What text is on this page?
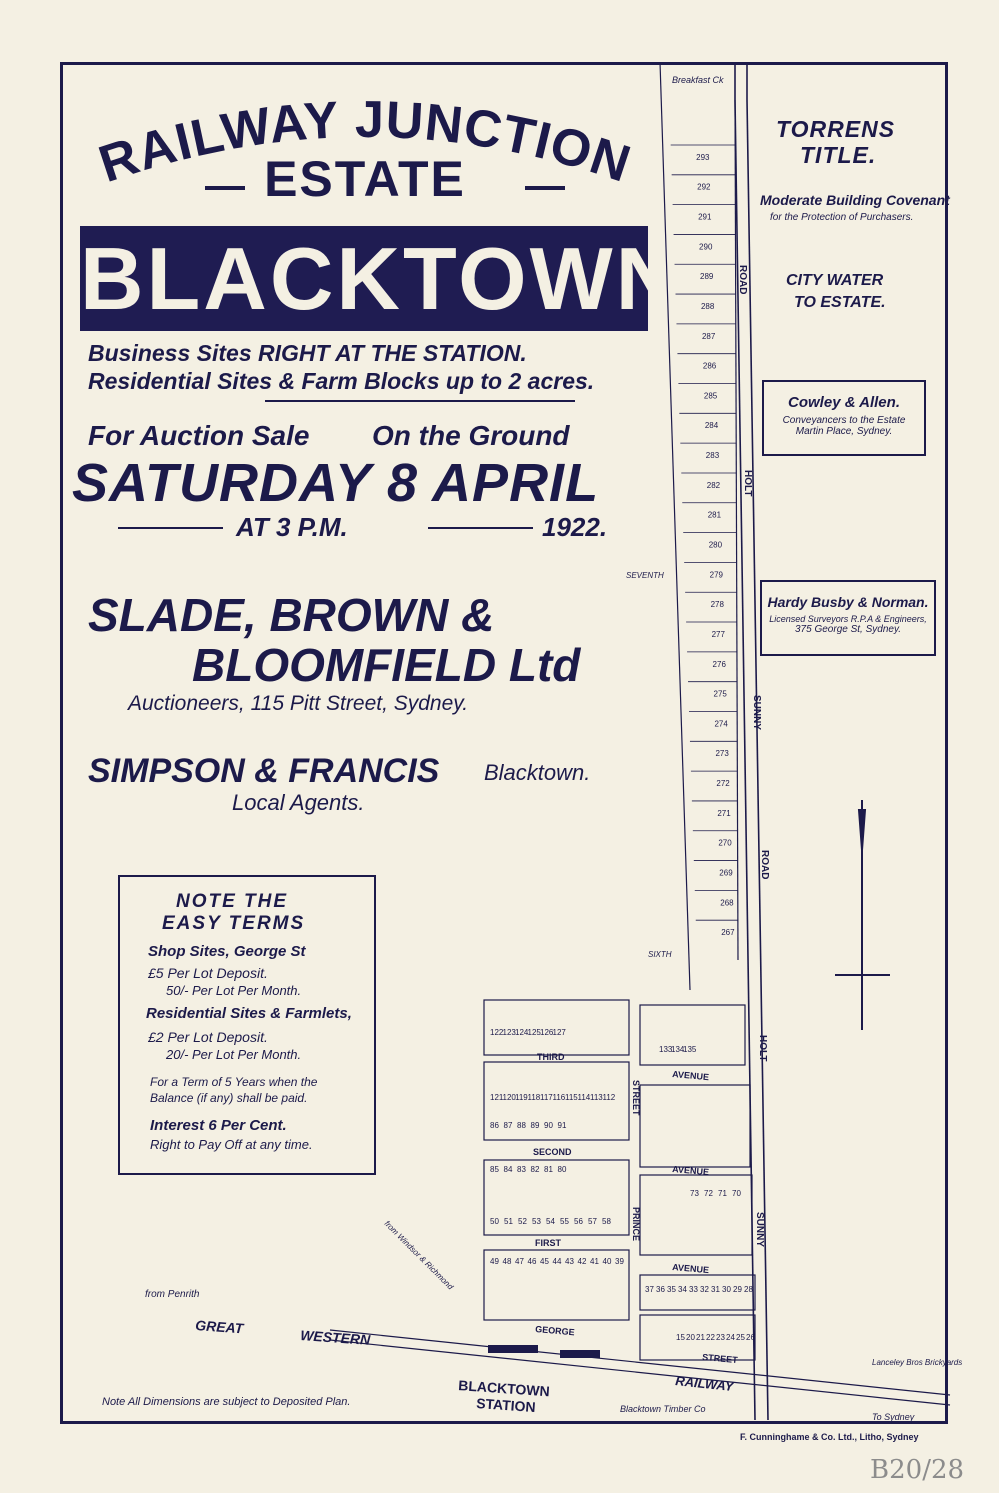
RAILWAY JUNCTION
ESTATE
BLACKTOWN
Business Sites RIGHT AT THE STATION.
Residential Sites & Farm Blocks up to 2 acres.
For Auction Sale On the Ground
SATURDAY 8 APRIL
AT 3 P.M.	1922.
SLADE, BROWN &
BLOOMFIELD Ltd
Auctioneers, 115 Pitt Street, Sydney.
SIMPSON & FRANCIS Blacktown.
Local Agents.
NOTE THE
EASY TERMS
Shop Sites, George St
£5 Per Lot Deposit.
50/- Per Lot Per Month.
Residential Sites & Farmlets,
£2 Per Lot Deposit.
20/- Per Lot Per Month.
For a Term of 5 Years when the
Balance (if any) shall be paid.
Interest 6 Per Cent.
Right to Pay Off at any time.
TORRENS
TITLE.
Moderate Building Covenant
for the Protection of Purchasers.
CITY WATER
TO ESTATE.
Cowley & Allen.
Conveyancers to the Estate
Martin Place, Sydney.
Hardy Busby & Norman.
Licensed Surveyors R.P.A & Engineers,
375 George St, Sydney.
Breakfast Ck
ROAD
HOLT
SUNNY
ROAD
HOLT
SUNNY
SEVENTH
SIXTH
THIRD
SECOND
FIRST
AVENUE
AVENUE
AVENUE
STREET
PRINCE
GEORGE
STREET
GREAT
WESTERN
RAILWAY
BLACKTOWN
STATION
from Penrith
from Windsor & Richmond
To Sydney
Blacktown Timber Co
Lanceley Bros Brickyards
293
292
291
290
289
288
287
286
285
284
283
282
281
280
279
278
277
276
275
274
273
272
271
270
269
268
267
122 123 124 125 126 127
121 120 119 118 117 116 115 114 113 112
86 87 88 89 90 91
85 84 83 82 81 80
50 51 52 53 54 55 56 57 58
49 48 47 46 45 44 43 42 41 40 39
133
134
135
73 72 71 70
37 36 35 34 33 32 31 30 29 28
15 20 21 22 23 24 25 26
Note All Dimensions are subject to Deposited Plan.
F. Cunninghame & Co. Ltd., Litho, Sydney
B20/28
